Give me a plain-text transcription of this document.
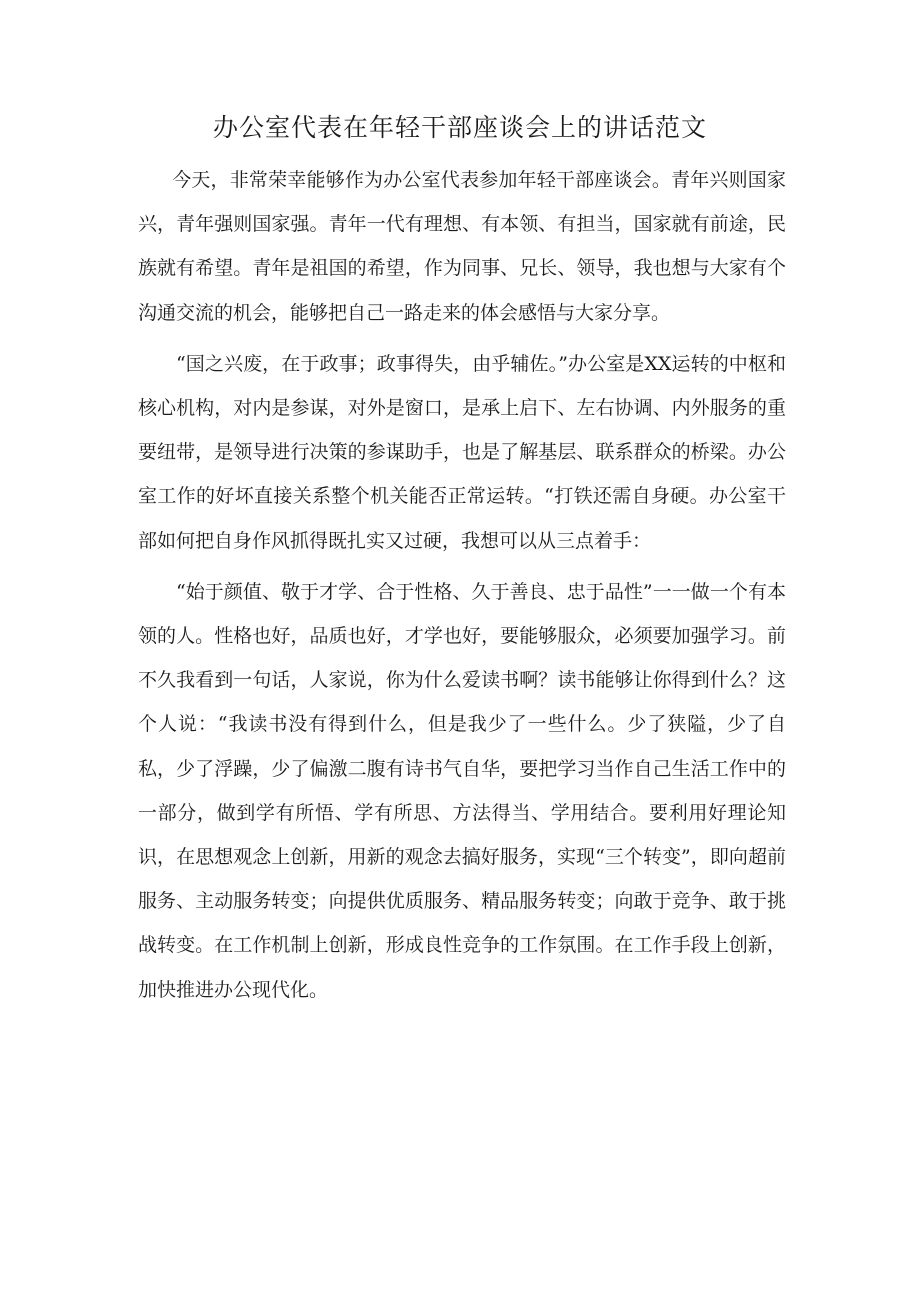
办公室代表在年轻干部座谈会上的讲话范文

今天，非常荣幸能够作为办公室代表参加年轻干部座谈会。青年兴则国家兴，青年强则国家强。青年一代有理想、有本领、有担当，国家就有前途，民族就有希望。青年是祖国的希望，作为同事、兄长、领导，我也想与大家有个沟通交流的机会，能够把自己一路走来的体会感悟与大家分享。

“国之兴废，在于政事；政事得失，由乎辅佐。”办公室是XX运转的中枢和核心机构，对内是参谋，对外是窗口，是承上启下、左右协调、内外服务的重要纽带，是领导进行决策的参谋助手，也是了解基层、联系群众的桥梁。办公室工作的好坏直接关系整个机关能否正常运转。“打铁还需自身硬。办公室干部如何把自身作风抓得既扎实又过硬，我想可以从三点着手：

“始于颜值、敬于才学、合于性格、久于善良、忠于品性”一一做一个有本领的人。性格也好，品质也好，才学也好，要能够服众，必须要加强学习。前不久我看到一句话，人家说，你为什么爱读书啊？读书能够让你得到什么？这个人说：“我读书没有得到什么，但是我少了一些什么。少了狭隘，少了自私，少了浮躁，少了偏激二腹有诗书气自华，要把学习当作自己生活工作中的一部分，做到学有所悟、学有所思、方法得当、学用结合。要利用好理论知识，在思想观念上创新，用新的观念去搞好服务，实现“三个转变”，即向超前服务、主动服务转变；向提供优质服务、精品服务转变；向敢于竞争、敢于挑战转变。在工作机制上创新，形成良性竞争的工作氛围。在工作手段上创新，加快推进办公现代化。
